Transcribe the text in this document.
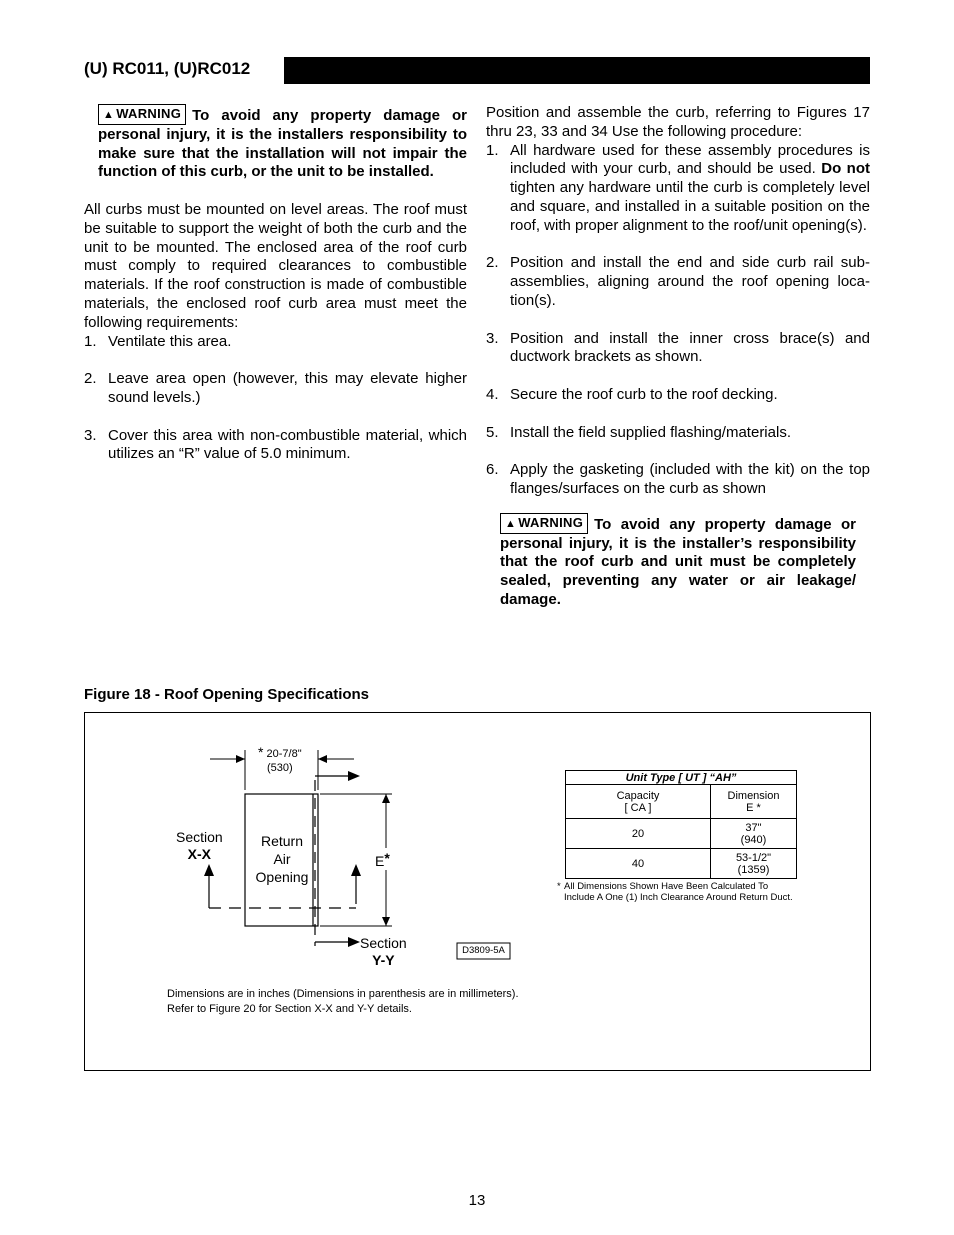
(U) RC011, (U)RC012
▲ WARNING To avoid any property damage or personal injury, it is the installers responsibility to make sure that the installation will not impair the function of this curb, or the unit to be installed.

All curbs must be mounted on level areas. The roof must be suitable to support the weight of both the curb and the unit to be mounted. The enclosed area of the roof curb must comply to required clearances to combustible materials. If the roof construction is made of combustible materials, the enclosed roof curb area must meet the following requirements:

1. Ventilate this area.
2. Leave area open (however, this may elevate higher sound levels.)
3. Cover this area with non-combustible material, which utilizes an “R” value of 5.0 minimum.

Position and assemble the curb, referring to Figures 17 thru 23, 33 and 34 Use the following procedure:

1. All hardware used for these assembly procedures is included with your curb, and should be used. Do not tighten any hardware until the curb is completely level and square, and installed in a suitable position on the roof, with proper alignment to the roof/unit opening(s).
2. Position and install the end and side curb rail sub-assemblies, aligning around the roof opening loca-tion(s).
3. Position and install the inner cross brace(s) and ductwork brackets as shown.
4. Secure the roof curb to the roof decking.
5. Install the field supplied flashing/materials.
6. Apply the gasketing (included with the kit) on the top flanges/surfaces on the curb as shown
▲ WARNING To avoid any property damage or personal injury, it is the installer’s responsibility that the roof curb and unit must be completely sealed, preventing any water or air leakage/ damage.
Figure 18 - Roof Opening Specifications
* 20-7/8"
(530)
Section
X-X
Return
Air
Opening
E*
Section
Y-Y
D3809-5A
Unit Type [ UT ] “AH”	
Capacity
[ CA ]	Dimension
E *
20	37"
(940)
40	53-1/2"
(1359)
* All Dimensions Shown Have Been Calculated To Include A One (1) Inch Clearance Around Return Duct.
Dimensions are in inches (Dimensions in parenthesis are in millimeters).
Refer to Figure 20 for Section X-X and Y-Y details.
13
